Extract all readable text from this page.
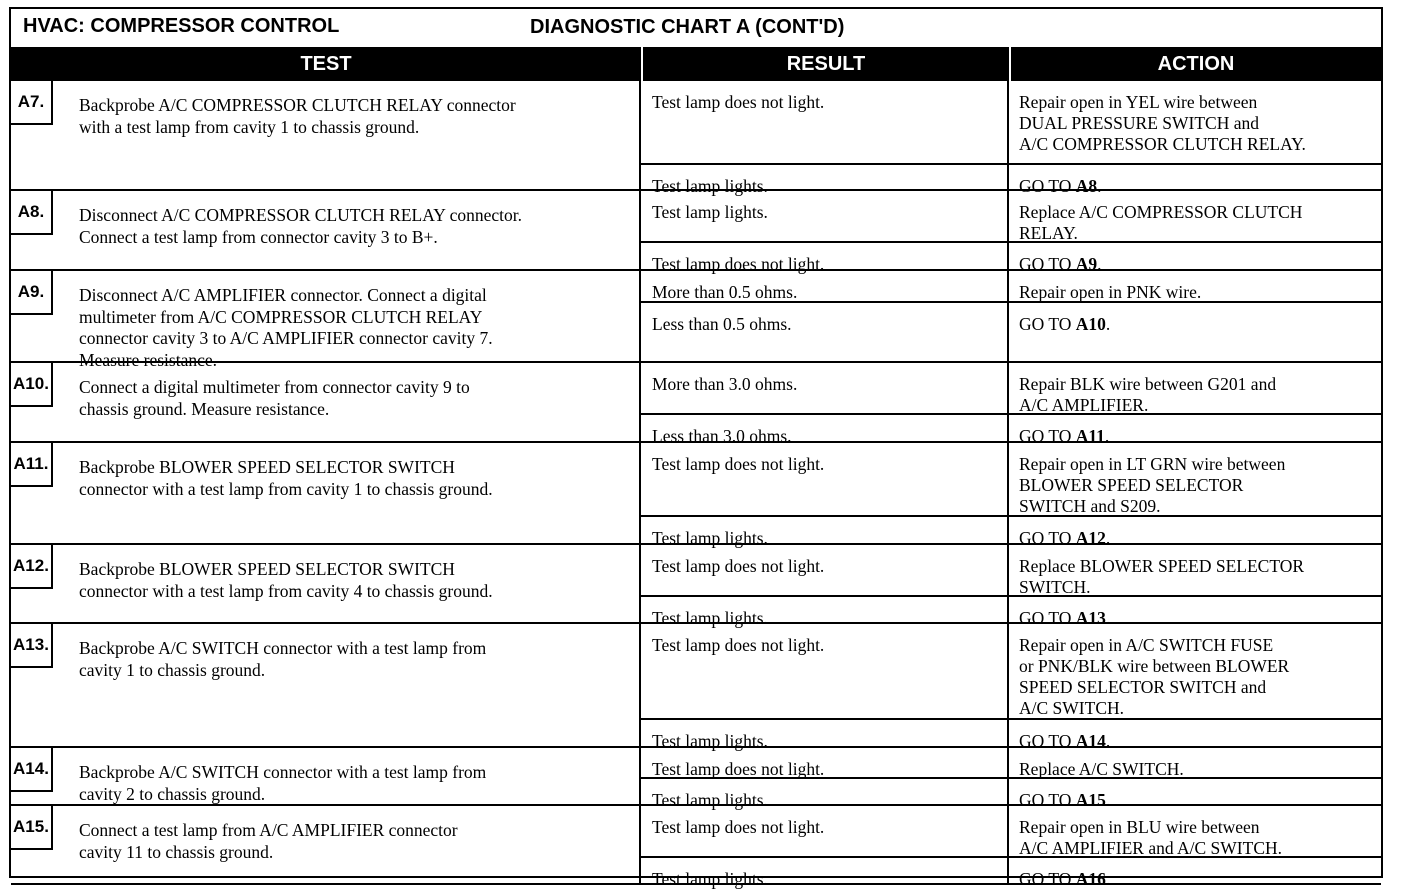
HVAC: COMPRESSOR CONTROL	DIAGNOSTIC CHART A (CONT'D)
TEST	RESULT	ACTION
A7.	Backprobe A/C COMPRESSOR CLUTCH RELAY connector
with a test lamp from cavity 1 to chassis ground.
Test lamp does not light.	Repair open in YEL wire between
DUAL PRESSURE SWITCH and
A/C COMPRESSOR CLUTCH RELAY.
Test lamp lights.	GO TO A8.
A8.	Disconnect A/C COMPRESSOR CLUTCH RELAY connector.
Connect a test lamp from connector cavity 3 to B+.
Test lamp lights.	Replace A/C COMPRESSOR CLUTCH
RELAY.
Test lamp does not light.	GO TO A9.
A9.	Disconnect A/C AMPLIFIER connector. Connect a digital
multimeter from A/C COMPRESSOR CLUTCH RELAY
connector cavity 3 to A/C AMPLIFIER connector cavity 7.
Measure resistance.
More than 0.5 ohms.	Repair open in PNK wire.
Less than 0.5 ohms.	GO TO A10.
A10. Connect a digital multimeter from connector cavity 9 to
chassis ground. Measure resistance.
More than 3.0 ohms.	Repair BLK wire between G201 and
A/C AMPLIFIER.
Less than 3.0 ohms.	GO TO A11.
A11. Backprobe BLOWER SPEED SELECTOR SWITCH
connector with a test lamp from cavity 1 to chassis ground.
Test lamp does not light.	Repair open in LT GRN wire between
BLOWER SPEED SELECTOR
SWITCH and S209.
Test lamp lights.	GO TO A12.
A12. Backprobe BLOWER SPEED SELECTOR SWITCH
connector with a test lamp from cavity 4 to chassis ground.
Test lamp does not light.	Replace BLOWER SPEED SELECTOR
SWITCH.
Test lamp lights.	GO TO A13.
A13. Backprobe A/C SWITCH connector with a test lamp from
cavity 1 to chassis ground.
Test lamp does not light.	Repair open in A/C SWITCH FUSE
or PNK/BLK wire between BLOWER
SPEED SELECTOR SWITCH and
A/C SWITCH.
Test lamp lights.	GO TO A14.
A14. Backprobe A/C SWITCH connector with a test lamp from
cavity 2 to chassis ground.
Test lamp does not light.	Replace A/C SWITCH.
Test lamp lights.	GO TO A15.
A15. Connect a test lamp from A/C AMPLIFIER connector
cavity 11 to chassis ground.
Test lamp does not light.	Repair open in BLU wire between
A/C AMPLIFIER and A/C SWITCH.
Test lamp lights.	GO TO A16.
